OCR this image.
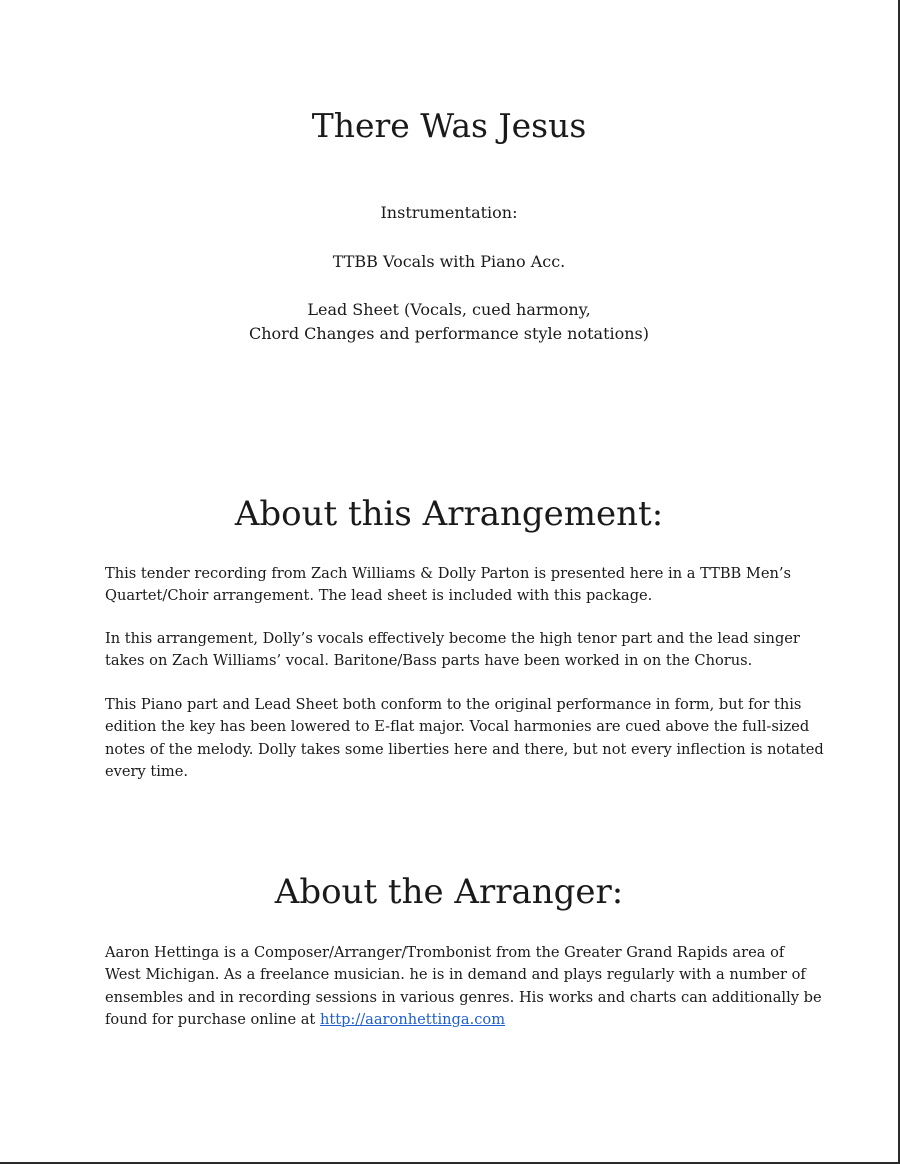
There Was Jesus

Instrumentation:

TTBB Vocals with Piano Acc.

Lead Sheet (Vocals, cued harmony,

Chord Changes and performance style notations)

About this Arrangement:
This tender recording from Zach Williams & Dolly Parton is presented here in a TTBB Men’s
Quartet/Choir arrangement. The lead sheet is included with this package.
In this arrangement, Dolly’s vocals effectively become the high tenor part and the lead singer
takes on Zach Williams’ vocal. Baritone/Bass parts have been worked in on the Chorus.
This Piano part and Lead Sheet both conform to the original performance in form, but for this
edition the key has been lowered to E-flat major. Vocal harmonies are cued above the full-sized
notes of the melody. Dolly takes some liberties here and there, but not every inflection is notated
every time.
About the Arranger:
Aaron Hettinga is a Composer/Arranger/Trombonist from the Greater Grand Rapids area of
West Michigan. As a freelance musician. he is in demand and plays regularly with a number of
ensembles and in recording sessions in various genres. His works and charts can additionally be
found for purchase online at http://aaronhettinga.com
